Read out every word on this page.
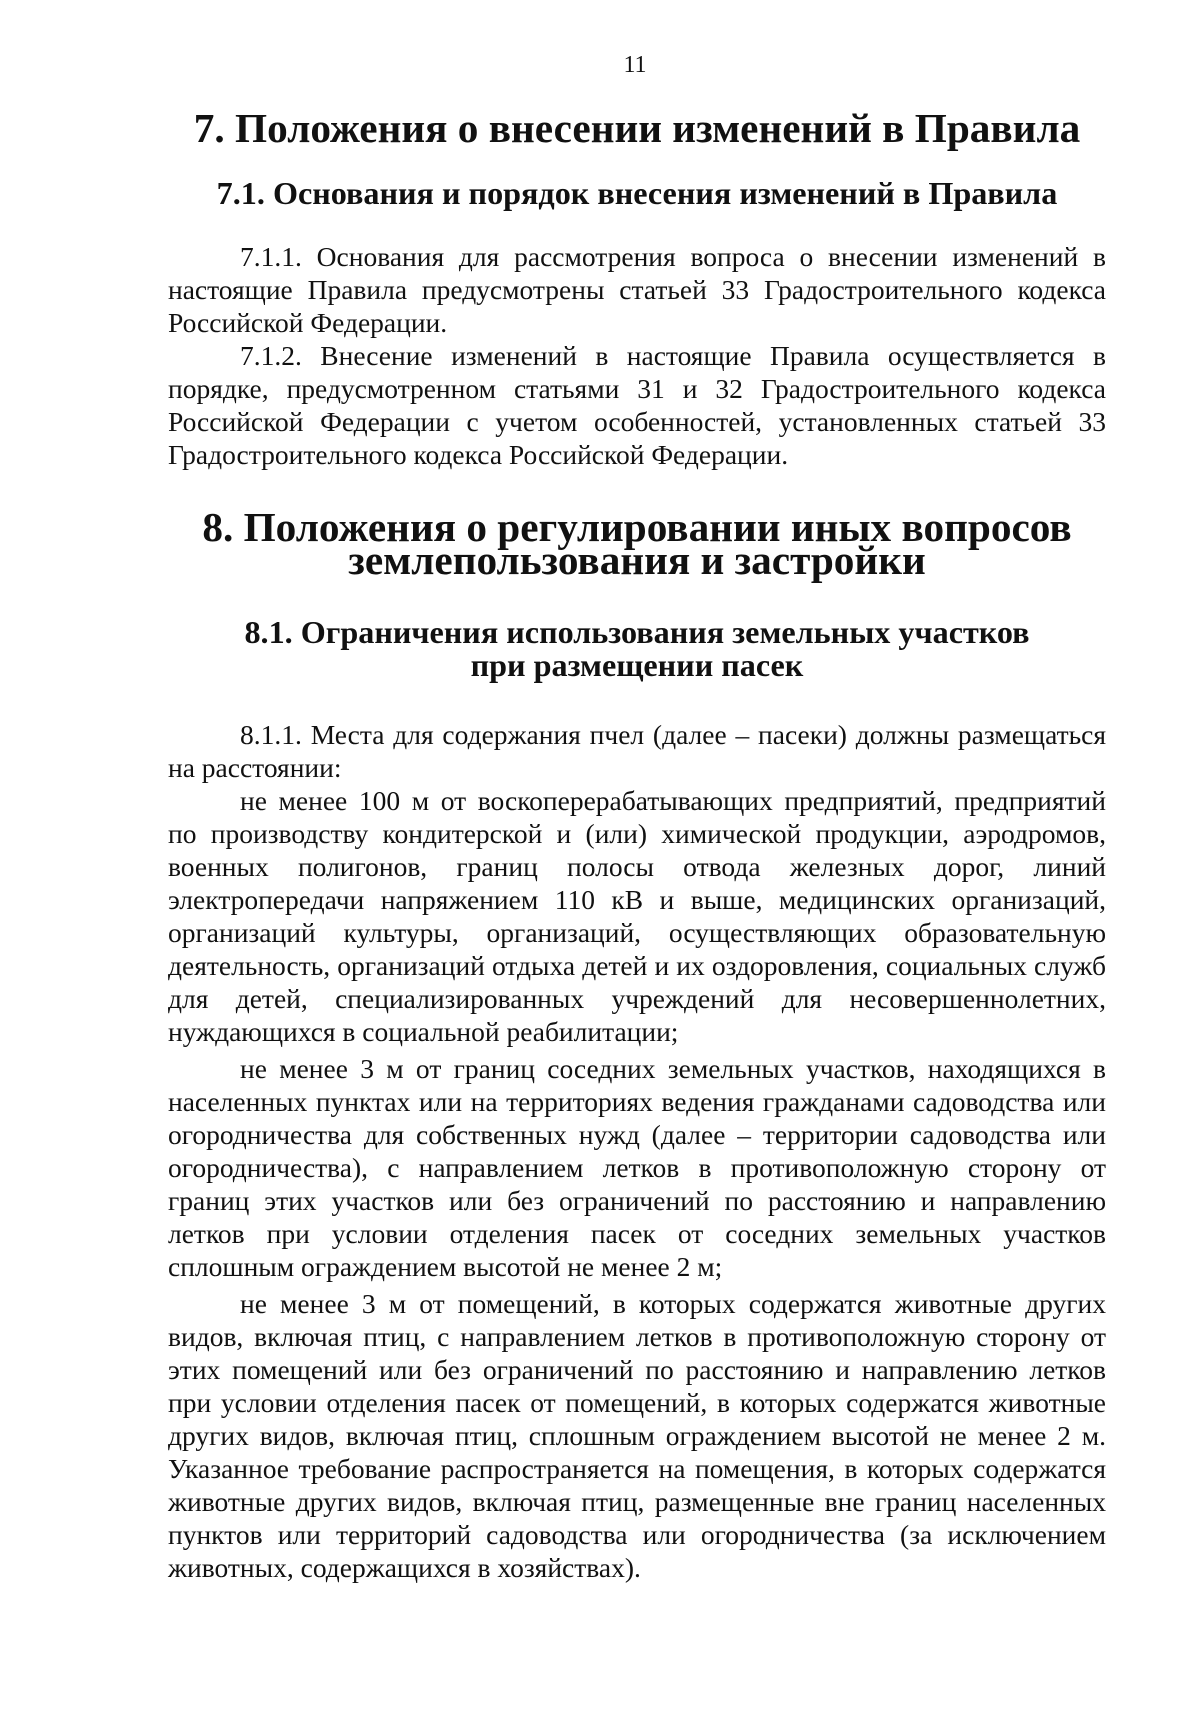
11
7. Положения о внесении изменений в Правила
7.1. Основания и порядок внесения изменений в Правила

7.1.1. Основания для рассмотрения вопроса о внесении изменений в настоящие Правила предусмотрены статьей 33 Градостроительного кодекса Российской Федерации.

7.1.2. Внесение изменений в настоящие Правила осуществляется в порядке, предусмотренном статьями 31 и 32 Градостроительного кодекса Российской Федерации с учетом особенностей, установленных статьей 33 Градостроительного кодекса Российской Федерации.

8. Положения о регулировании иных вопросов
землепользования и застройки
8.1. Ограничения использования земельных участков
при размещении пасек

8.1.1. Места для содержания пчел (далее – пасеки) должны размещаться на расстоянии:

не менее 100 м от воскоперерабатывающих предприятий, предприятий по производству кондитерской и (или) химической продукции, аэродромов, военных полигонов, границ полосы отвода железных дорог, линий электропередачи напряжением 110 кВ и выше, медицинских организаций, организаций культуры, организаций, осуществляющих образовательную деятельность, организаций отдыха детей и их оздоровления, социальных служб для детей, специализированных учреждений для несовершеннолетних, нуждающихся в социальной реабилитации;

не менее 3 м от границ соседних земельных участков, находящихся в населенных пунктах или на территориях ведения гражданами садоводства или огородничества для собственных нужд (далее – территории садоводства или огородничества), с направлением летков в противоположную сторону от границ этих участков или без ограничений по расстоянию и направлению летков при условии отделения пасек от соседних земельных участков сплошным ограждением высотой не менее 2 м;

не менее 3 м от помещений, в которых содержатся животные других видов, включая птиц, с направлением летков в противоположную сторону от этих помещений или без ограничений по расстоянию и направлению летков при условии отделения пасек от помещений, в которых содержатся животные других видов, включая птиц, сплошным ограждением высотой не менее 2 м. Указанное требование распространяется на помещения, в которых содержатся животные других видов, включая птиц, размещенные вне границ населенных пунктов или территорий садоводства или огородничества (за исключением животных, содержащихся в хозяйствах).
